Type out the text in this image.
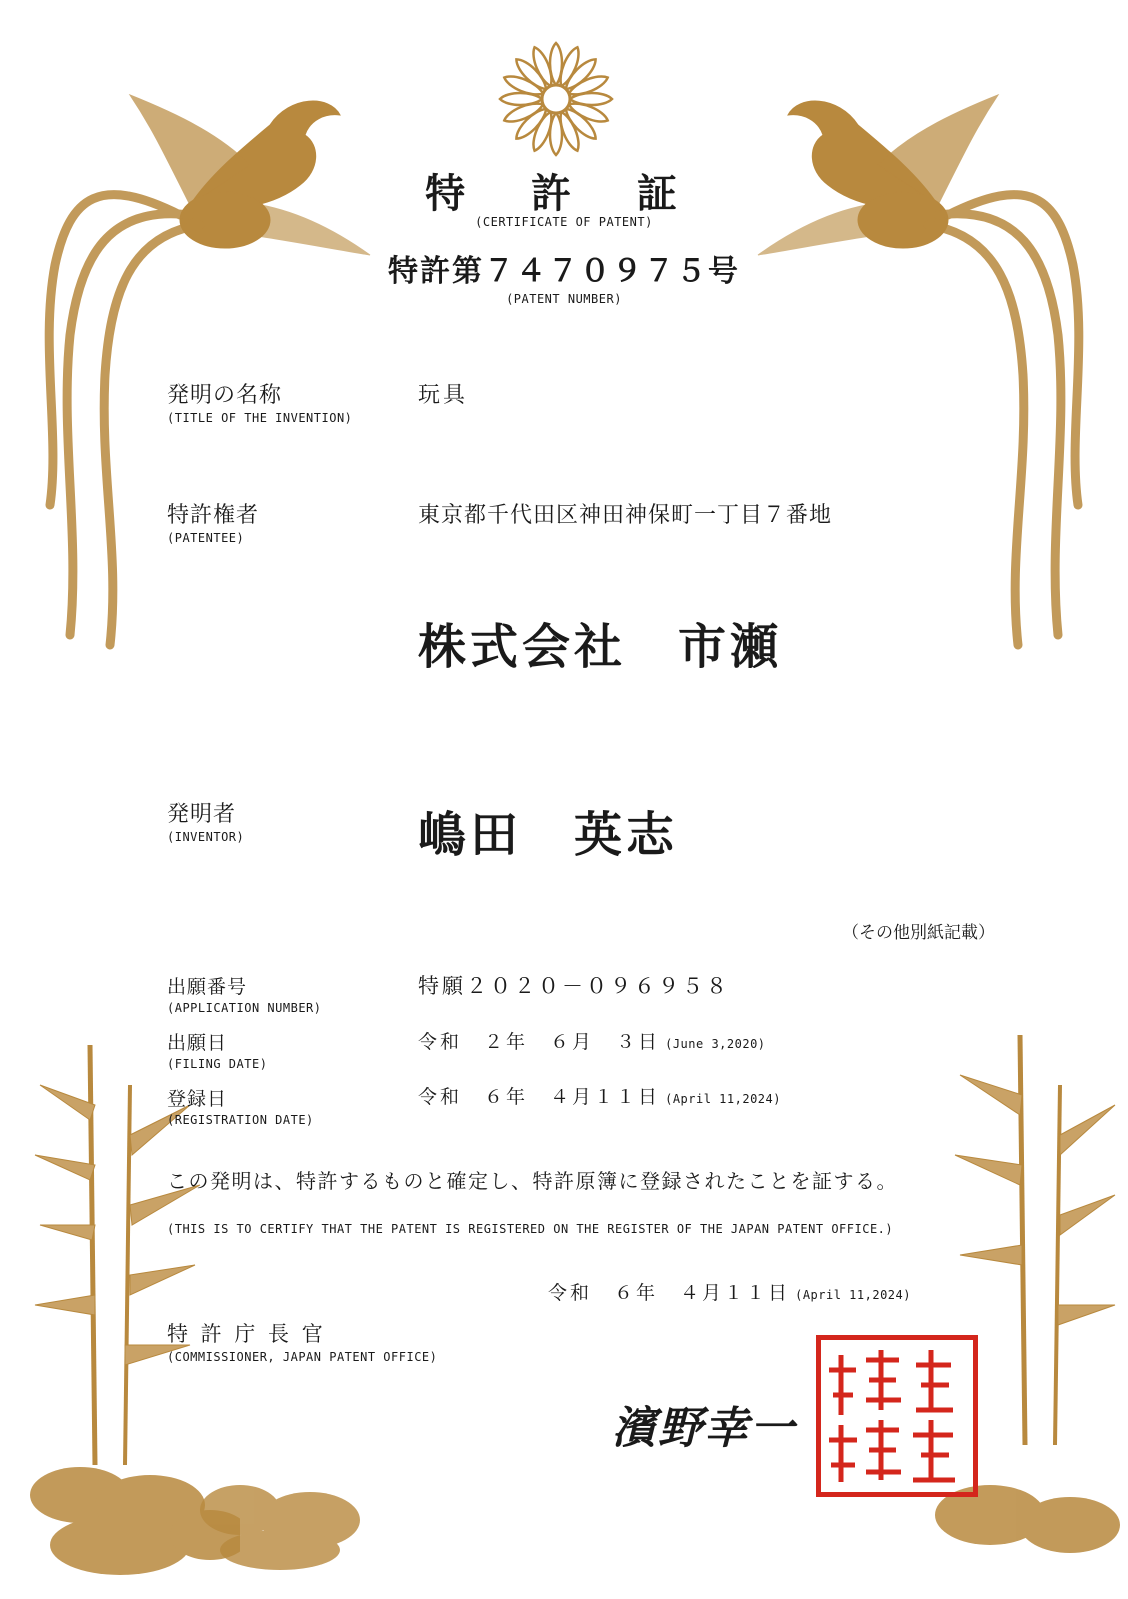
特 許 証
(CERTIFICATE OF PATENT)
特許第７４７０９７５号
(PATENT NUMBER)
発明の名称
(TITLE OF THE INVENTION)
玩具
特許権者
(PATENTEE)
東京都千代田区神田神保町一丁目７番地
株式会社　市瀬
発明者
(INVENTOR)	嶋田　英志
（その他別紙記載）
出願番号
(APPLICATION NUMBER)
特願２０２０－０９６９５８
出願日
(FILING DATE)
令和　２年　６月　３日 (June 3,2020)
登録日
(REGISTRATION DATE)
令和　６年　４月１１日 (April 11,2024)
この発明は、特許するものと確定し、特許原簿に登録されたことを証する。
(THIS IS TO CERTIFY THAT THE PATENT IS REGISTERED ON THE REGISTER OF THE JAPAN PATENT OFFICE.)
令和　６年　４月１１日 (April 11,2024)
特 許 庁 長 官
(COMMISSIONER, JAPAN PATENT OFFICE)
濱野幸一
